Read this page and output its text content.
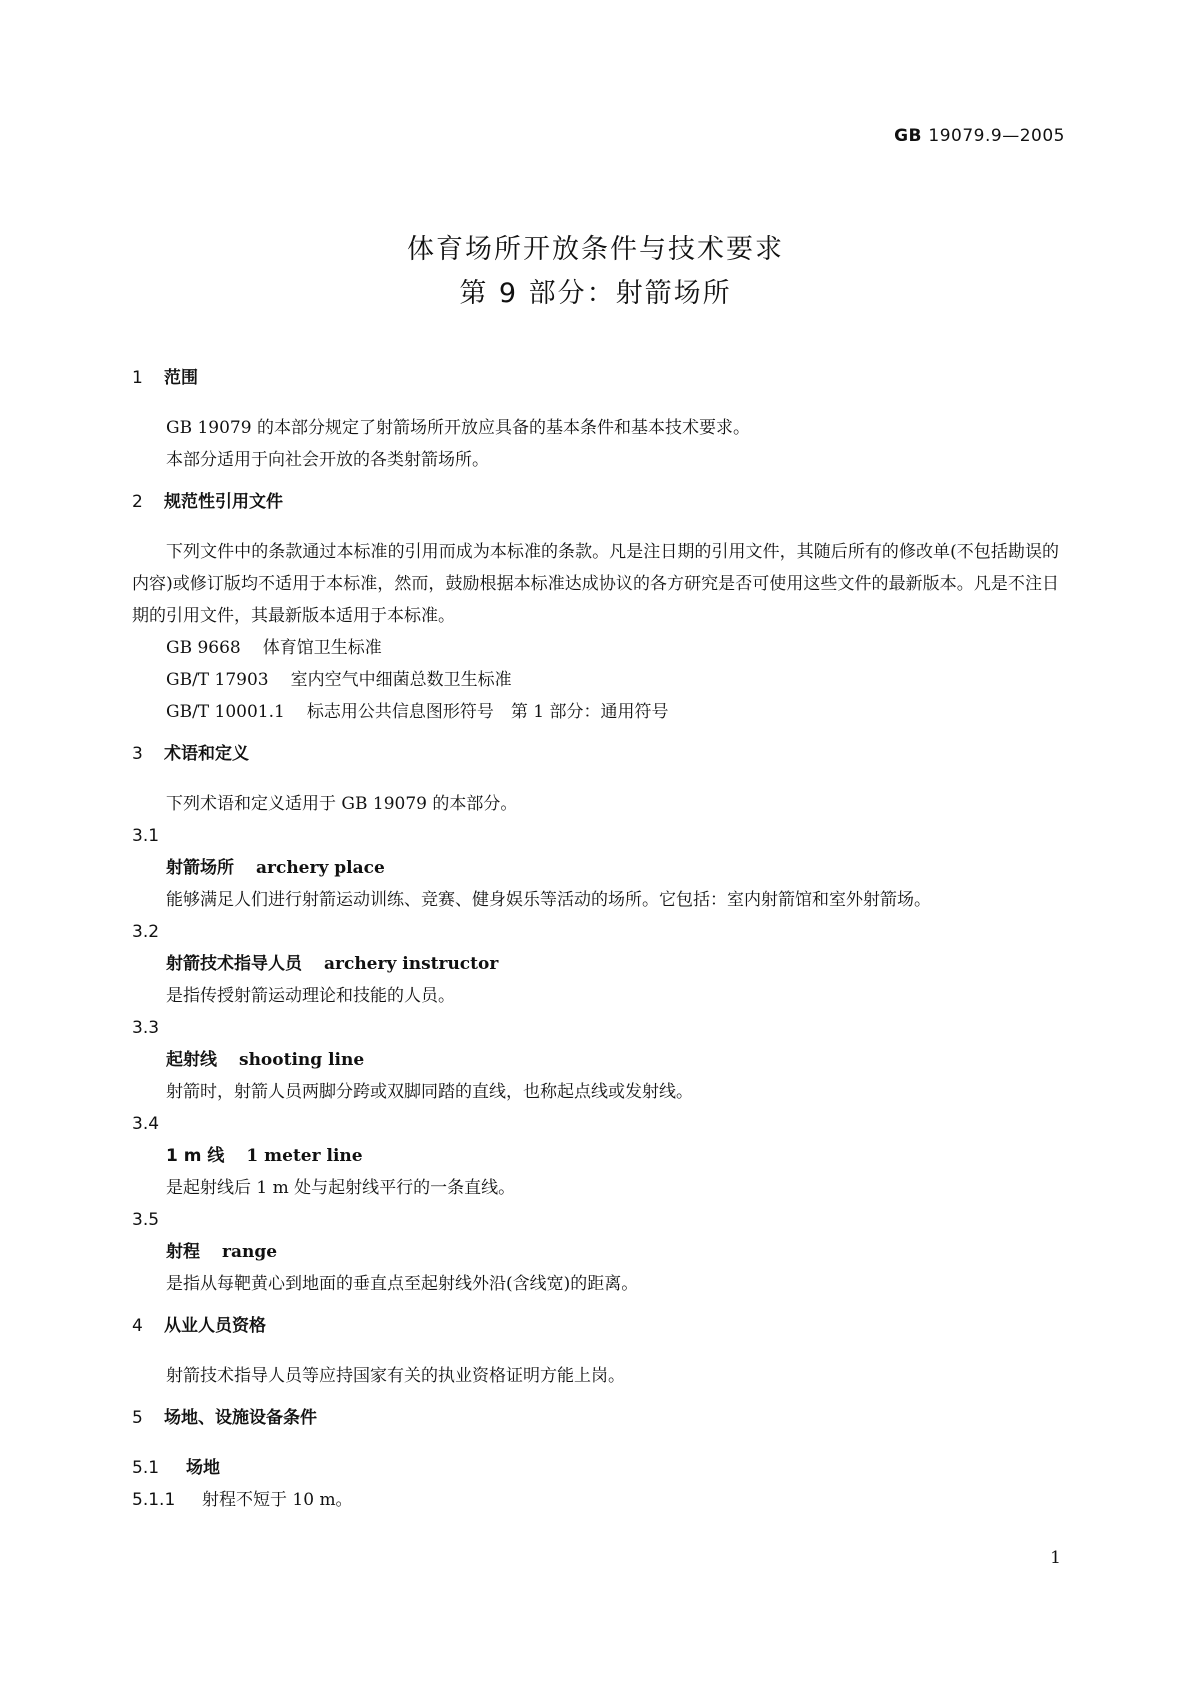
GB 19079.9—2005
体育场所开放条件与技术要求
第 9 部分：射箭场所
1 范围
GB 19079 的本部分规定了射箭场所开放应具备的基本条件和基本技术要求。
本部分适用于向社会开放的各类射箭场所。
2 规范性引用文件
下列文件中的条款通过本标准的引用而成为本标准的条款。凡是注日期的引用文件，其随后所有的修改单(不包括勘误的内容)或修订版均不适用于本标准，然而，鼓励根据本标准达成协议的各方研究是否可使用这些文件的最新版本。凡是不注日期的引用文件，其最新版本适用于本标准。
GB 9668 体育馆卫生标准
GB/T 17903 室内空气中细菌总数卫生标准
GB/T 10001.1 标志用公共信息图形符号　第 1 部分：通用符号
3 术语和定义
下列术语和定义适用于 GB 19079 的本部分。
3.1
射箭场所 archery place
能够满足人们进行射箭运动训练、竞赛、健身娱乐等活动的场所。它包括：室内射箭馆和室外射箭场。
3.2
射箭技术指导人员 archery instructor
是指传授射箭运动理论和技能的人员。
3.3
起射线 shooting line
射箭时，射箭人员两脚分跨或双脚同踏的直线，也称起点线或发射线。
3.4
1 m 线 1 meter line
是起射线后 1 m 处与起射线平行的一条直线。
3.5
射程 range
是指从每靶黄心到地面的垂直点至起射线外沿(含线宽)的距离。
4 从业人员资格
射箭技术指导人员等应持国家有关的执业资格证明方能上岗。
5 场地、设施设备条件
5.1 场地
5.1.1 射程不短于 10 m。
1
